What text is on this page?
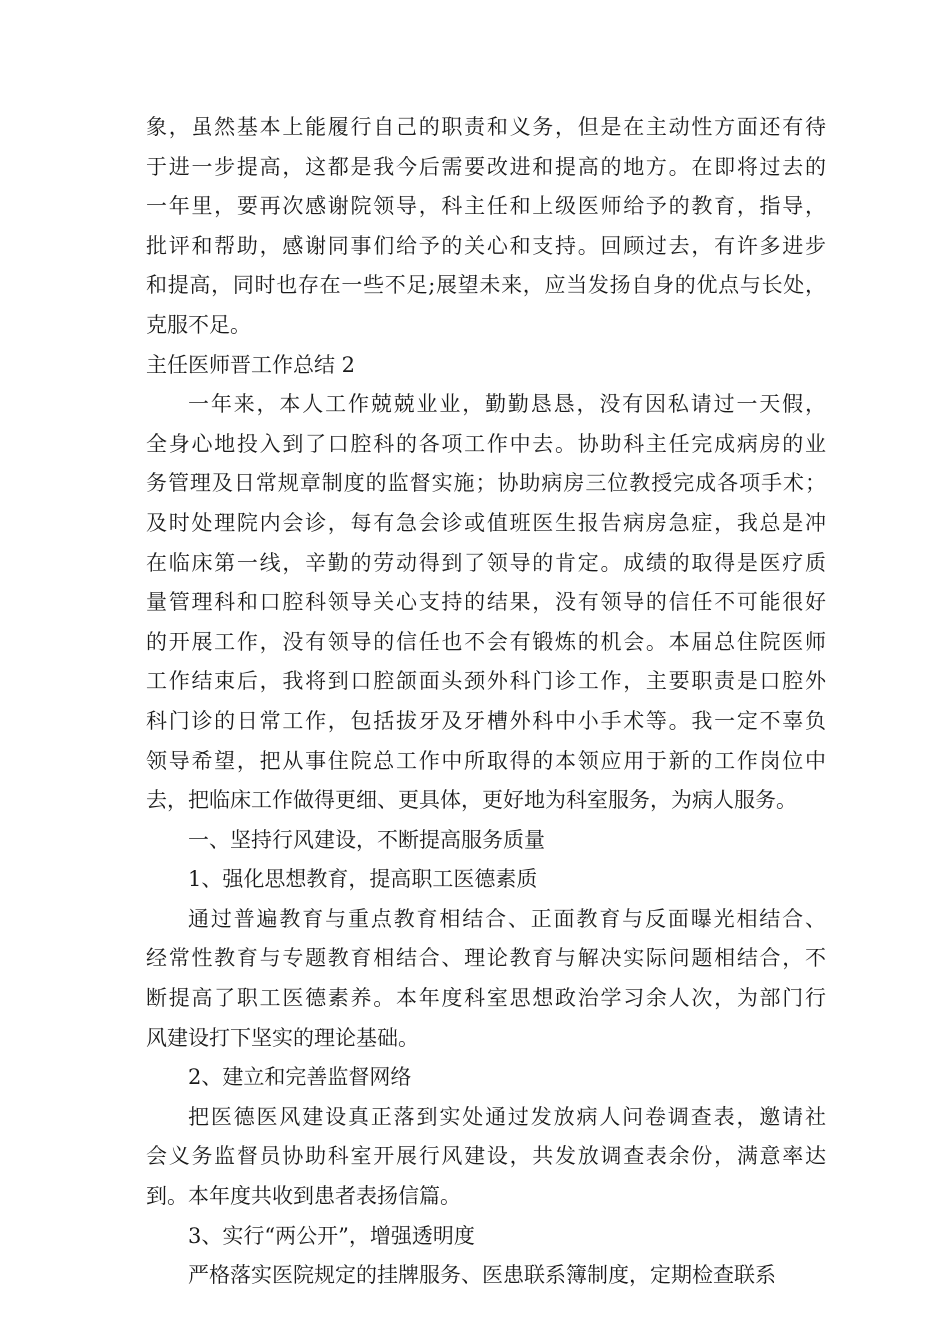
象，虽然基本上能履行自己的职责和义务，但是在主动性方面还有待
于进一步提高，这都是我今后需要改进和提高的地方。在即将过去的
一年里，要再次感谢院领导，科主任和上级医师给予的教育，指导，
批评和帮助，感谢同事们给予的关心和支持。回顾过去，有许多进步
和提高，同时也存在一些不足;展望未来，应当发扬自身的优点与长处，
克服不足。
主任医师晋工作总结 2
一年来，本人工作兢兢业业，勤勤恳恳，没有因私请过一天假，
全身心地投入到了口腔科的各项工作中去。协助科主任完成病房的业
务管理及日常规章制度的监督实施；协助病房三位教授完成各项手术；
及时处理院内会诊，每有急会诊或值班医生报告病房急症，我总是冲
在临床第一线，辛勤的劳动得到了领导的肯定。成绩的取得是医疗质
量管理科和口腔科领导关心支持的结果，没有领导的信任不可能很好
的开展工作，没有领导的信任也不会有锻炼的机会。本届总住院医师
工作结束后，我将到口腔颌面头颈外科门诊工作，主要职责是口腔外
科门诊的日常工作，包括拔牙及牙槽外科中小手术等。我一定不辜负
领导希望，把从事住院总工作中所取得的本领应用于新的工作岗位中
去，把临床工作做得更细、更具体，更好地为科室服务，为病人服务。
一、坚持行风建设，不断提高服务质量
1、强化思想教育，提高职工医德素质
通过普遍教育与重点教育相结合、正面教育与反面曝光相结合、
经常性教育与专题教育相结合、理论教育与解决实际问题相结合，不
断提高了职工医德素养。本年度科室思想政治学习余人次，为部门行
风建设打下坚实的理论基础。
2、建立和完善监督网络
把医德医风建设真正落到实处通过发放病人问卷调查表，邀请社
会义务监督员协助科室开展行风建设，共发放调查表余份，满意率达
到。本年度共收到患者表扬信篇。
3、实行“两公开”，增强透明度
严格落实医院规定的挂牌服务、医患联系簿制度，定期检查联系
